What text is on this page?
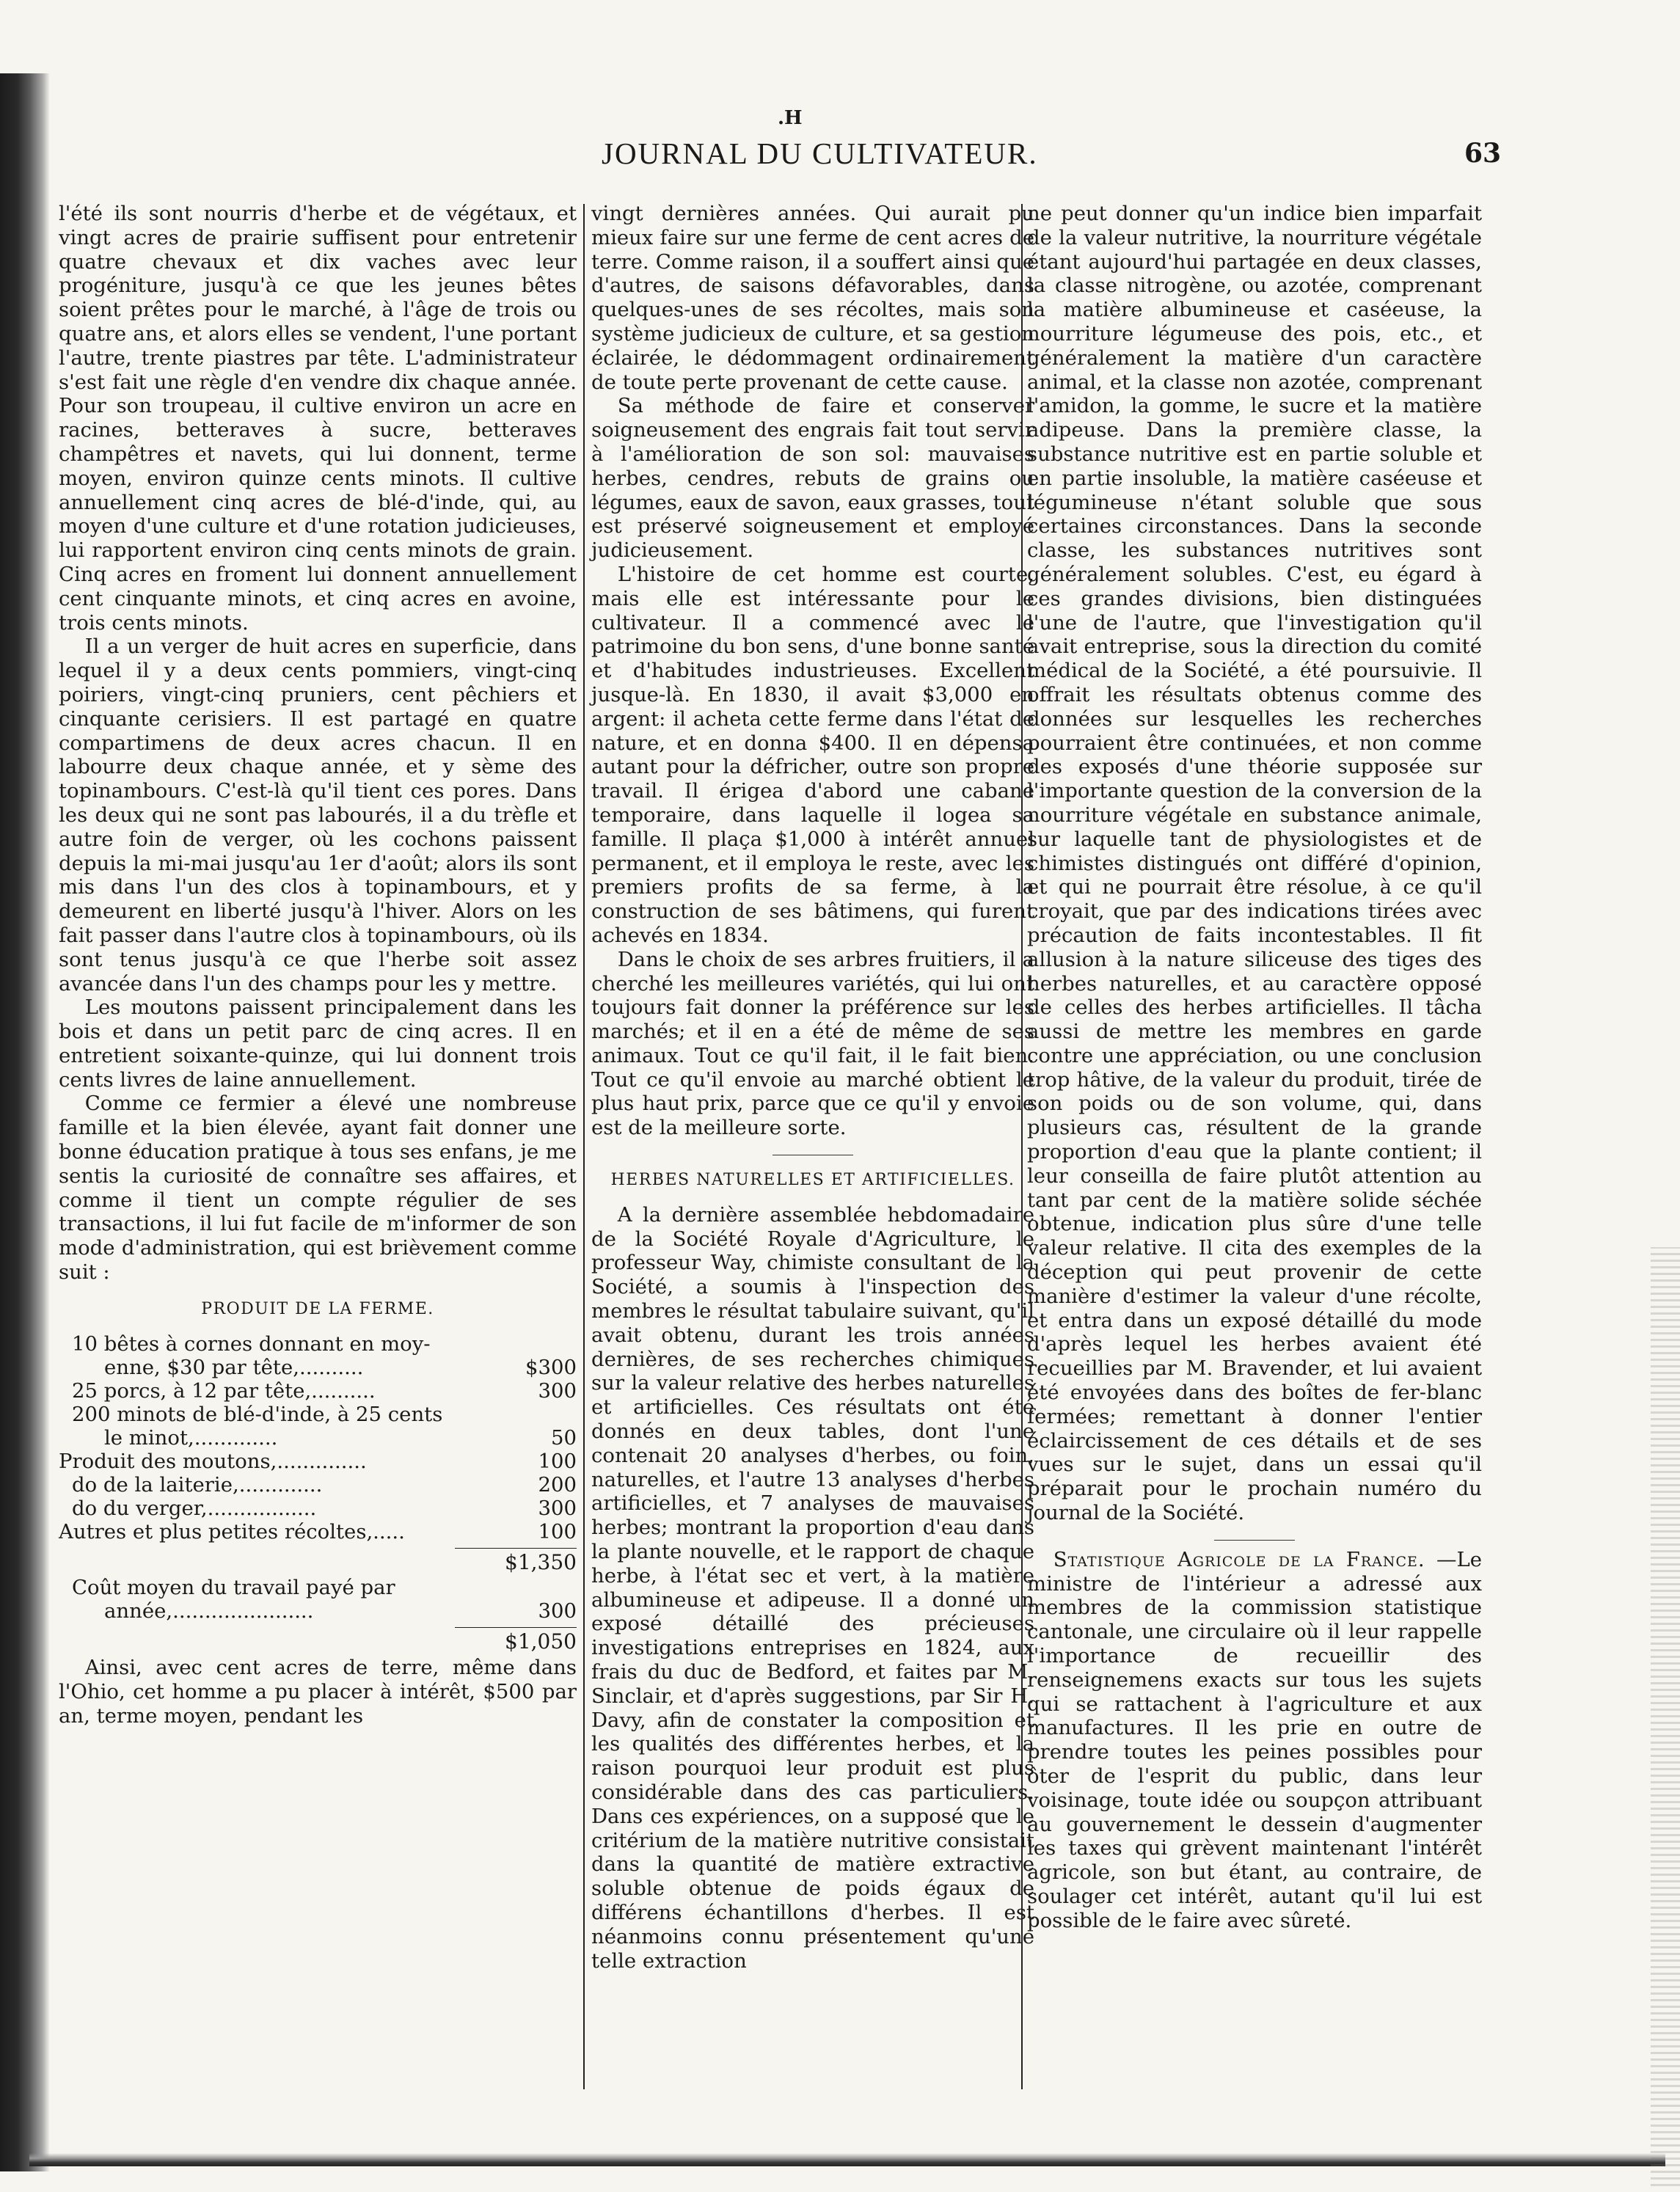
.H
JOURNAL DU CULTIVATEUR.	63

l'été ils sont nourris d'herbe et de végétaux, et vingt acres de prairie suffisent pour entretenir quatre chevaux et dix vaches avec leur progéniture, jusqu'à ce que les jeunes bêtes soient prêtes pour le marché, à l'âge de trois ou quatre ans, et alors elles se vendent, l'une portant l'autre, trente piastres par tête. L'administrateur s'est fait une règle d'en vendre dix chaque année. Pour son troupeau, il cultive environ un acre en racines, betteraves à sucre, betteraves champêtres et navets, qui lui donnent, terme moyen, environ quinze cents minots. Il cultive annuellement cinq acres de blé-d'inde, qui, au moyen d'une culture et d'une rotation judicieuses, lui rapportent environ cinq cents minots de grain. Cinq acres en froment lui donnent annuellement cent cinquante minots, et cinq acres en avoine, trois cents minots.

Il a un verger de huit acres en superficie, dans lequel il y a deux cents pommiers, vingt-cinq poiriers, vingt-cinq pruniers, cent pêchiers et cinquante cerisiers. Il est partagé en quatre compartimens de deux acres chacun. Il en labourre deux chaque année, et y sème des topinambours. C'est-là qu'il tient ces pores. Dans les deux qui ne sont pas labourés, il a du trèfle et autre foin de verger, où les cochons paissent depuis la mi-mai jusqu'au 1er d'août; alors ils sont mis dans l'un des clos à topinambours, et y demeurent en liberté jusqu'à l'hiver. Alors on les fait passer dans l'autre clos à topinambours, où ils sont tenus jusqu'à ce que l'herbe soit assez avancée dans l'un des champs pour les y mettre.

Les moutons paissent principalement dans les bois et dans un petit parc de cinq acres. Il en entretient soixante-quinze, qui lui donnent trois cents livres de laine annuellement.

Comme ce fermier a élevé une nombreuse famille et la bien élevée, ayant fait donner une bonne éducation pratique à tous ses enfans, je me sentis la curiosité de connaître ses affaires, et comme il tient un compte régulier de ses transactions, il lui fut facile de m'informer de son mode d'administration, qui est brièvement comme suit :

PRODUIT DE LA FERME.
10 bêtes à cornes donnant en moy-
enne, $30 par tête,..........	$300
25 porcs, à 12 par tête,..........	300
200 minots de blé-d'inde, à 25 cents
le minot,.............	50
Produit des moutons,..............	100
do de la laiterie,.............	200
do du verger,.................	300
Autres et plus petites récoltes,.....	100
$1,350
Coût moyen du travail payé par
année,......................	300
$1,050

Ainsi, avec cent acres de terre, même dans l'Ohio, cet homme a pu placer à intérêt, $500 par an, terme moyen, pendant les

vingt dernières années. Qui aurait pu mieux faire sur une ferme de cent acres de terre. Comme raison, il a souffert ainsi que d'autres, de saisons défavorables, dans quelques-unes de ses récoltes, mais son système judicieux de culture, et sa gestion éclairée, le dédommagent ordinairement de toute perte provenant de cette cause.

Sa méthode de faire et conserver soigneusement des engrais fait tout servir à l'amélioration de son sol: mauvaises herbes, cendres, rebuts de grains ou légumes, eaux de savon, eaux grasses, tout est préservé soigneusement et employé judicieusement.

L'histoire de cet homme est courte, mais elle est intéressante pour le cultivateur. Il a commencé avec le patrimoine du bon sens, d'une bonne santé et d'habitudes industrieuses. Excellent jusque-là. En 1830, il avait $3,000 en argent: il acheta cette ferme dans l'état de nature, et en donna $400. Il en dépensa autant pour la défricher, outre son propre travail. Il érigea d'abord une cabane temporaire, dans laquelle il logea sa famille. Il plaça $1,000 à intérêt annuel permanent, et il employa le reste, avec les premiers profits de sa ferme, à la construction de ses bâtimens, qui furent achevés en 1834.

Dans le choix de ses arbres fruitiers, il a cherché les meilleures variétés, qui lui ont toujours fait donner la préférence sur les marchés; et il en a été de même de ses animaux. Tout ce qu'il fait, il le fait bien. Tout ce qu'il envoie au marché obtient le plus haut prix, parce que ce qu'il y envoie est de la meilleure sorte.

HERBES NATURELLES ET ARTIFICIELLES.

A la dernière assemblée hebdomadaire de la Société Royale d'Agriculture, le professeur Way, chimiste consultant de la Société, a soumis à l'inspection des membres le résultat tabulaire suivant, qu'il avait obtenu, durant les trois années dernières, de ses recherches chimiques sur la valeur relative des herbes naturelles et artificielles. Ces résultats ont été donnés en deux tables, dont l'une contenait 20 analyses d'herbes, ou foin, naturelles, et l'autre 13 analyses d'herbes artificielles, et 7 analyses de mauvaises herbes; montrant la proportion d'eau dans la plante nouvelle, et le rapport de chaque herbe, à l'état sec et vert, à la matière albumineuse et adipeuse. Il a donné un exposé détaillé des précieuses investigations entreprises en 1824, aux frais du duc de Bedford, et faites par M. Sinclair, et d'après suggestions, par Sir H. Davy, afin de constater la composition et les qualités des différentes herbes, et la raison pourquoi leur produit est plus considérable dans des cas particuliers. Dans ces expériences, on a supposé que le critérium de la matière nutritive consistait dans la quantité de matière extractive soluble obtenue de poids égaux de différens échantillons d'herbes. Il est néanmoins connu présentement qu'une telle extraction

ne peut donner qu'un indice bien imparfait de la valeur nutritive, la nourriture végétale étant aujourd'hui partagée en deux classes, la classe nitrogène, ou azotée, comprenant la matière albumineuse et caséeuse, la nourriture légumeuse des pois, etc., et généralement la matière d'un caractère animal, et la classe non azotée, comprenant l'amidon, la gomme, le sucre et la matière adipeuse. Dans la première classe, la substance nutritive est en partie soluble et en partie insoluble, la matière caséeuse et légumineuse n'étant soluble que sous certaines circonstances. Dans la seconde classe, les substances nutritives sont généralement solubles. C'est, eu égard à ces grandes divisions, bien distinguées l'une de l'autre, que l'investigation qu'il avait entreprise, sous la direction du comité médical de la Société, a été poursuivie. Il offrait les résultats obtenus comme des données sur lesquelles les recherches pourraient être continuées, et non comme des exposés d'une théorie supposée sur l'importante question de la conversion de la nourriture végétale en substance animale, sur laquelle tant de physiologistes et de chimistes distingués ont différé d'opinion, et qui ne pourrait être résolue, à ce qu'il croyait, que par des indications tirées avec précaution de faits incontestables. Il fit allusion à la nature siliceuse des tiges des herbes naturelles, et au caractère opposé de celles des herbes artificielles. Il tâcha aussi de mettre les membres en garde contre une appréciation, ou une conclusion trop hâtive, de la valeur du produit, tirée de son poids ou de son volume, qui, dans plusieurs cas, résultent de la grande proportion d'eau que la plante contient; il leur conseilla de faire plutôt attention au tant par cent de la matière solide séchée obtenue, indication plus sûre d'une telle valeur relative. Il cita des exemples de la déception qui peut provenir de cette manière d'estimer la valeur d'une récolte, et entra dans un exposé détaillé du mode d'après lequel les herbes avaient été recueillies par M. Bravender, et lui avaient été envoyées dans des boîtes de fer-blanc fermées; remettant à donner l'entier éclaircissement de ces détails et de ses vues sur le sujet, dans un essai qu'il préparait pour le prochain numéro du journal de la Société.

Statistique Agricole de la France. —Le ministre de l'intérieur a adressé aux membres de la commission statistique cantonale, une circulaire où il leur rappelle l'importance de recueillir des renseignemens exacts sur tous les sujets qui se rattachent à l'agriculture et aux manufactures. Il les prie en outre de prendre toutes les peines possibles pour ôter de l'esprit du public, dans leur voisinage, toute idée ou soupçon attribuant au gouvernement le dessein d'augmenter les taxes qui grèvent maintenant l'intérêt agricole, son but étant, au contraire, de soulager cet intérêt, autant qu'il lui est possible de le faire avec sûreté.
